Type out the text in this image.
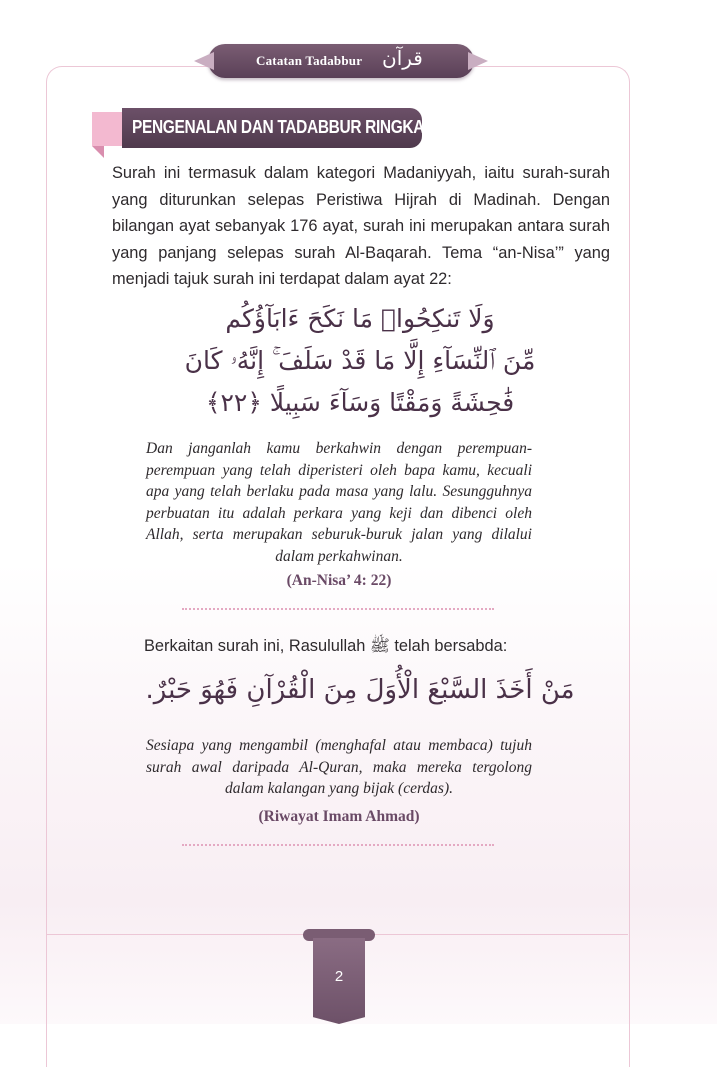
Catatan Tadabbur قرآن
PENGENALAN DAN TADABBUR RINGKAS

Surah ini termasuk dalam kategori Madaniyyah, iaitu surah-surah yang diturunkan selepas Peristiwa Hijrah di Madinah. Dengan bilangan ayat sebanyak 176 ayat, surah ini merupakan antara surah yang panjang selepas surah Al-Baqarah. Tema “an-Nisa’” yang menjadi tajuk surah ini terdapat dalam ayat 22:

وَلَا تَنكِحُوا۟ مَا نَكَحَ ءَابَآؤُكُم
مِّنَ ٱلنِّسَآءِ إِلَّا مَا قَدْ سَلَفَ ۚ إِنَّهُۥ كَانَ
فَٰحِشَةً وَمَقْتًا وَسَآءَ سَبِيلًا ﴿٢٢﴾

Dan janganlah kamu berkahwin dengan perempuan-perempuan yang telah diperisteri oleh bapa kamu, kecuali apa yang telah berlaku pada masa yang lalu. Sesungguhnya perbuatan itu adalah perkara yang keji dan dibenci oleh Allah, serta merupakan seburuk-buruk jalan yang dilalui dalam perkahwinan.

(An-Nisa’ 4: 22)

Berkaitan surah ini, Rasulullah ﷺ telah bersabda:

مَنْ أَخَذَ السَّبْعَ الْأُوَلَ مِنَ الْقُرْآنِ فَهُوَ حَبْرٌ.

Sesiapa yang mengambil (menghafal atau membaca) tujuh surah awal daripada Al-Quran, maka mereka tergolong dalam kalangan yang bijak (cerdas).

(Riwayat Imam Ahmad)

2
